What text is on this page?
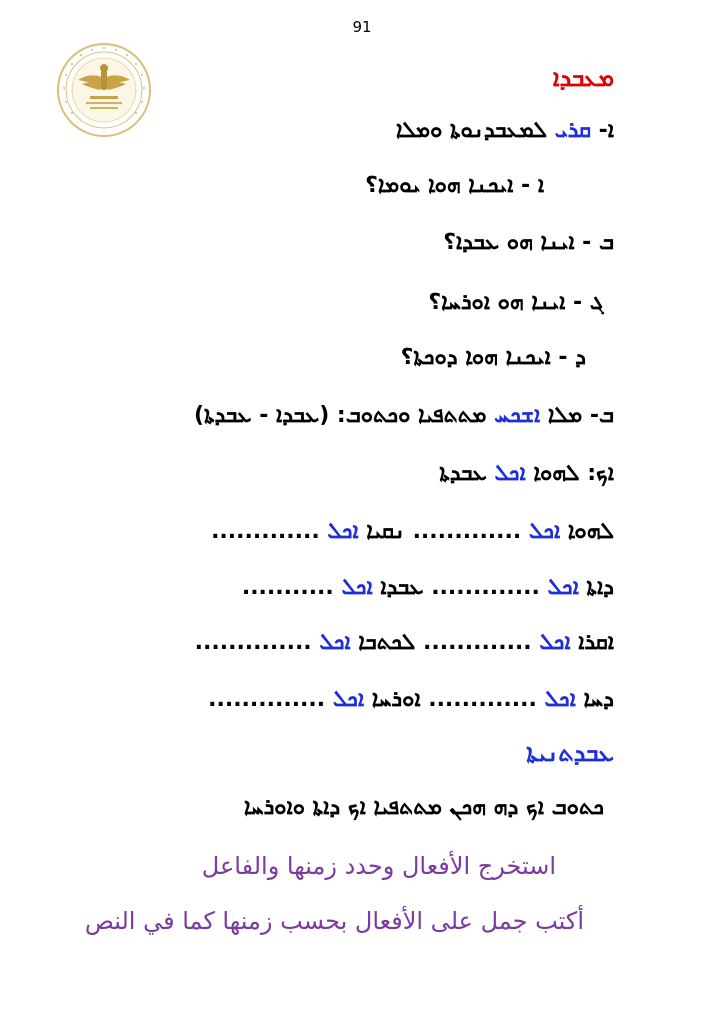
91
ܡܥܒܕܐ
ܐ- ܩܪܝ ܠܡܥܒܕܢܘܬܐ ܘܡܠܐ
ܐ - ܐܝܟܢܐ ܗܘܐ ܝܘܡܐ؟
ܒ - ܐܝܢܐ ܗܘ ܥܒܕܐ؟
ܓ - ܐܝܢܐ ܗܘ ܐܘܪܚܐ؟
ܕ - ܐܝܟܢܐ ܗܘܐ ܕܘܟܬܐ؟
ܒ- ܡܠܐ ܐܫܟܚ ܡܬܬܦܝܐ ܘܟܬܘܒ: (ܥܒܕܐ - ܥܒܕܬܐ)
ܐܟ: ܠܗܘܐ ܐܟܠ ܥܒܕܬܐ
ܠܗܘܐ ܐܟܠ ............. ܢܩܝܐ ܐܟܠ .............
ܕܐܬܐ ܐܟܠ ............. ܥܒܕܐ ܐܟܠ ...........
ܐܩܪܐ ܐܟܠ ............. ܠܟܬܒܐ ܐܟܠ ..............
ܕܚܐ ܐܟܠ ............. ܐܘܪܚܐ ܐܟܠ ..............
ܥܒܕܬܢܝܬܐ
ܟܬܘܒ ܐܟ ܕܗ ܗܟܢ ܡܬܬܦܝܐ ܐܟ ܕܐܬܐ ܘܐܘܪܚܐ
استخرج الأفعال وحدد زمنها والفاعل
أكتب جمل على الأفعال بحسب زمنها كما في النص
